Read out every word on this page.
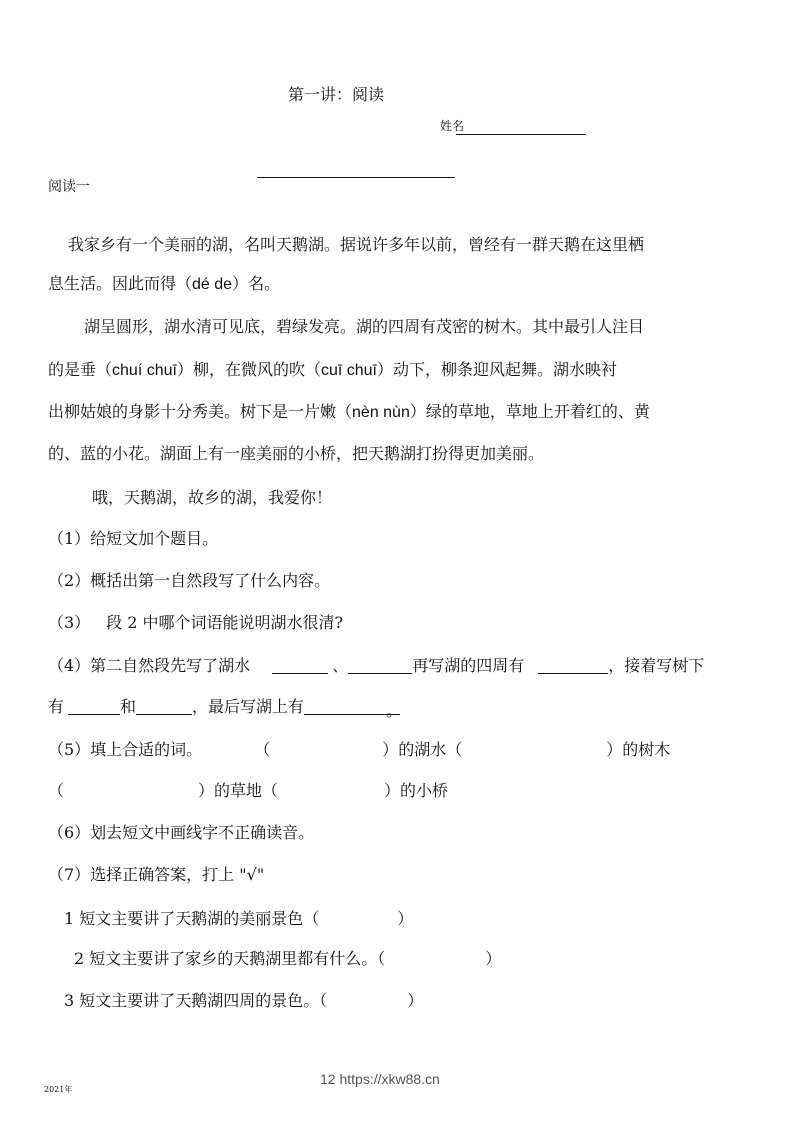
第一讲：阅读
姓名
阅读一
我家乡有一个美丽的湖，名叫天鹅湖。据说许多年以前，曾经有一群天鹅在这里栖
息生活。因此而得（dé de）名。
湖呈圆形，湖水清可见底，碧绿发亮。湖的四周有茂密的树木。其中最引人注目
的是垂（chuí chuī）柳，在微风的吹（cuī chuī）动下，柳条迎风起舞。湖水映衬
出柳姑娘的身影十分秀美。树下是一片嫩（nèn nùn）绿的草地，草地上开着红的、黄
的、蓝的小花。湖面上有一座美丽的小桥，把天鹅湖打扮得更加美丽。
哦，天鹅湖，故乡的湖，我爱你！
（1）给短文加个题目。
（2）概括出第一自然段写了什么内容。
（3） 段 2 中哪个词语能说明湖水很清?
（4）第二自然段先写了湖水	、	再写湖的四周有	，接着写树下
有	和	，最后写湖上有	。
（5）填上合适的词。	（	）的湖水（	）的树木
（	）的草地（	）的小桥
（6）划去短文中画线字不正确读音。
（7）选择正确答案，打上 "√"
1 短文主要讲了天鹅湖的美丽景色（	）
2 短文主要讲了家乡的天鹅湖里都有什么。（	）
3 短文主要讲了天鹅湖四周的景色。（	）
2021年
12 https://xkw88.cn
